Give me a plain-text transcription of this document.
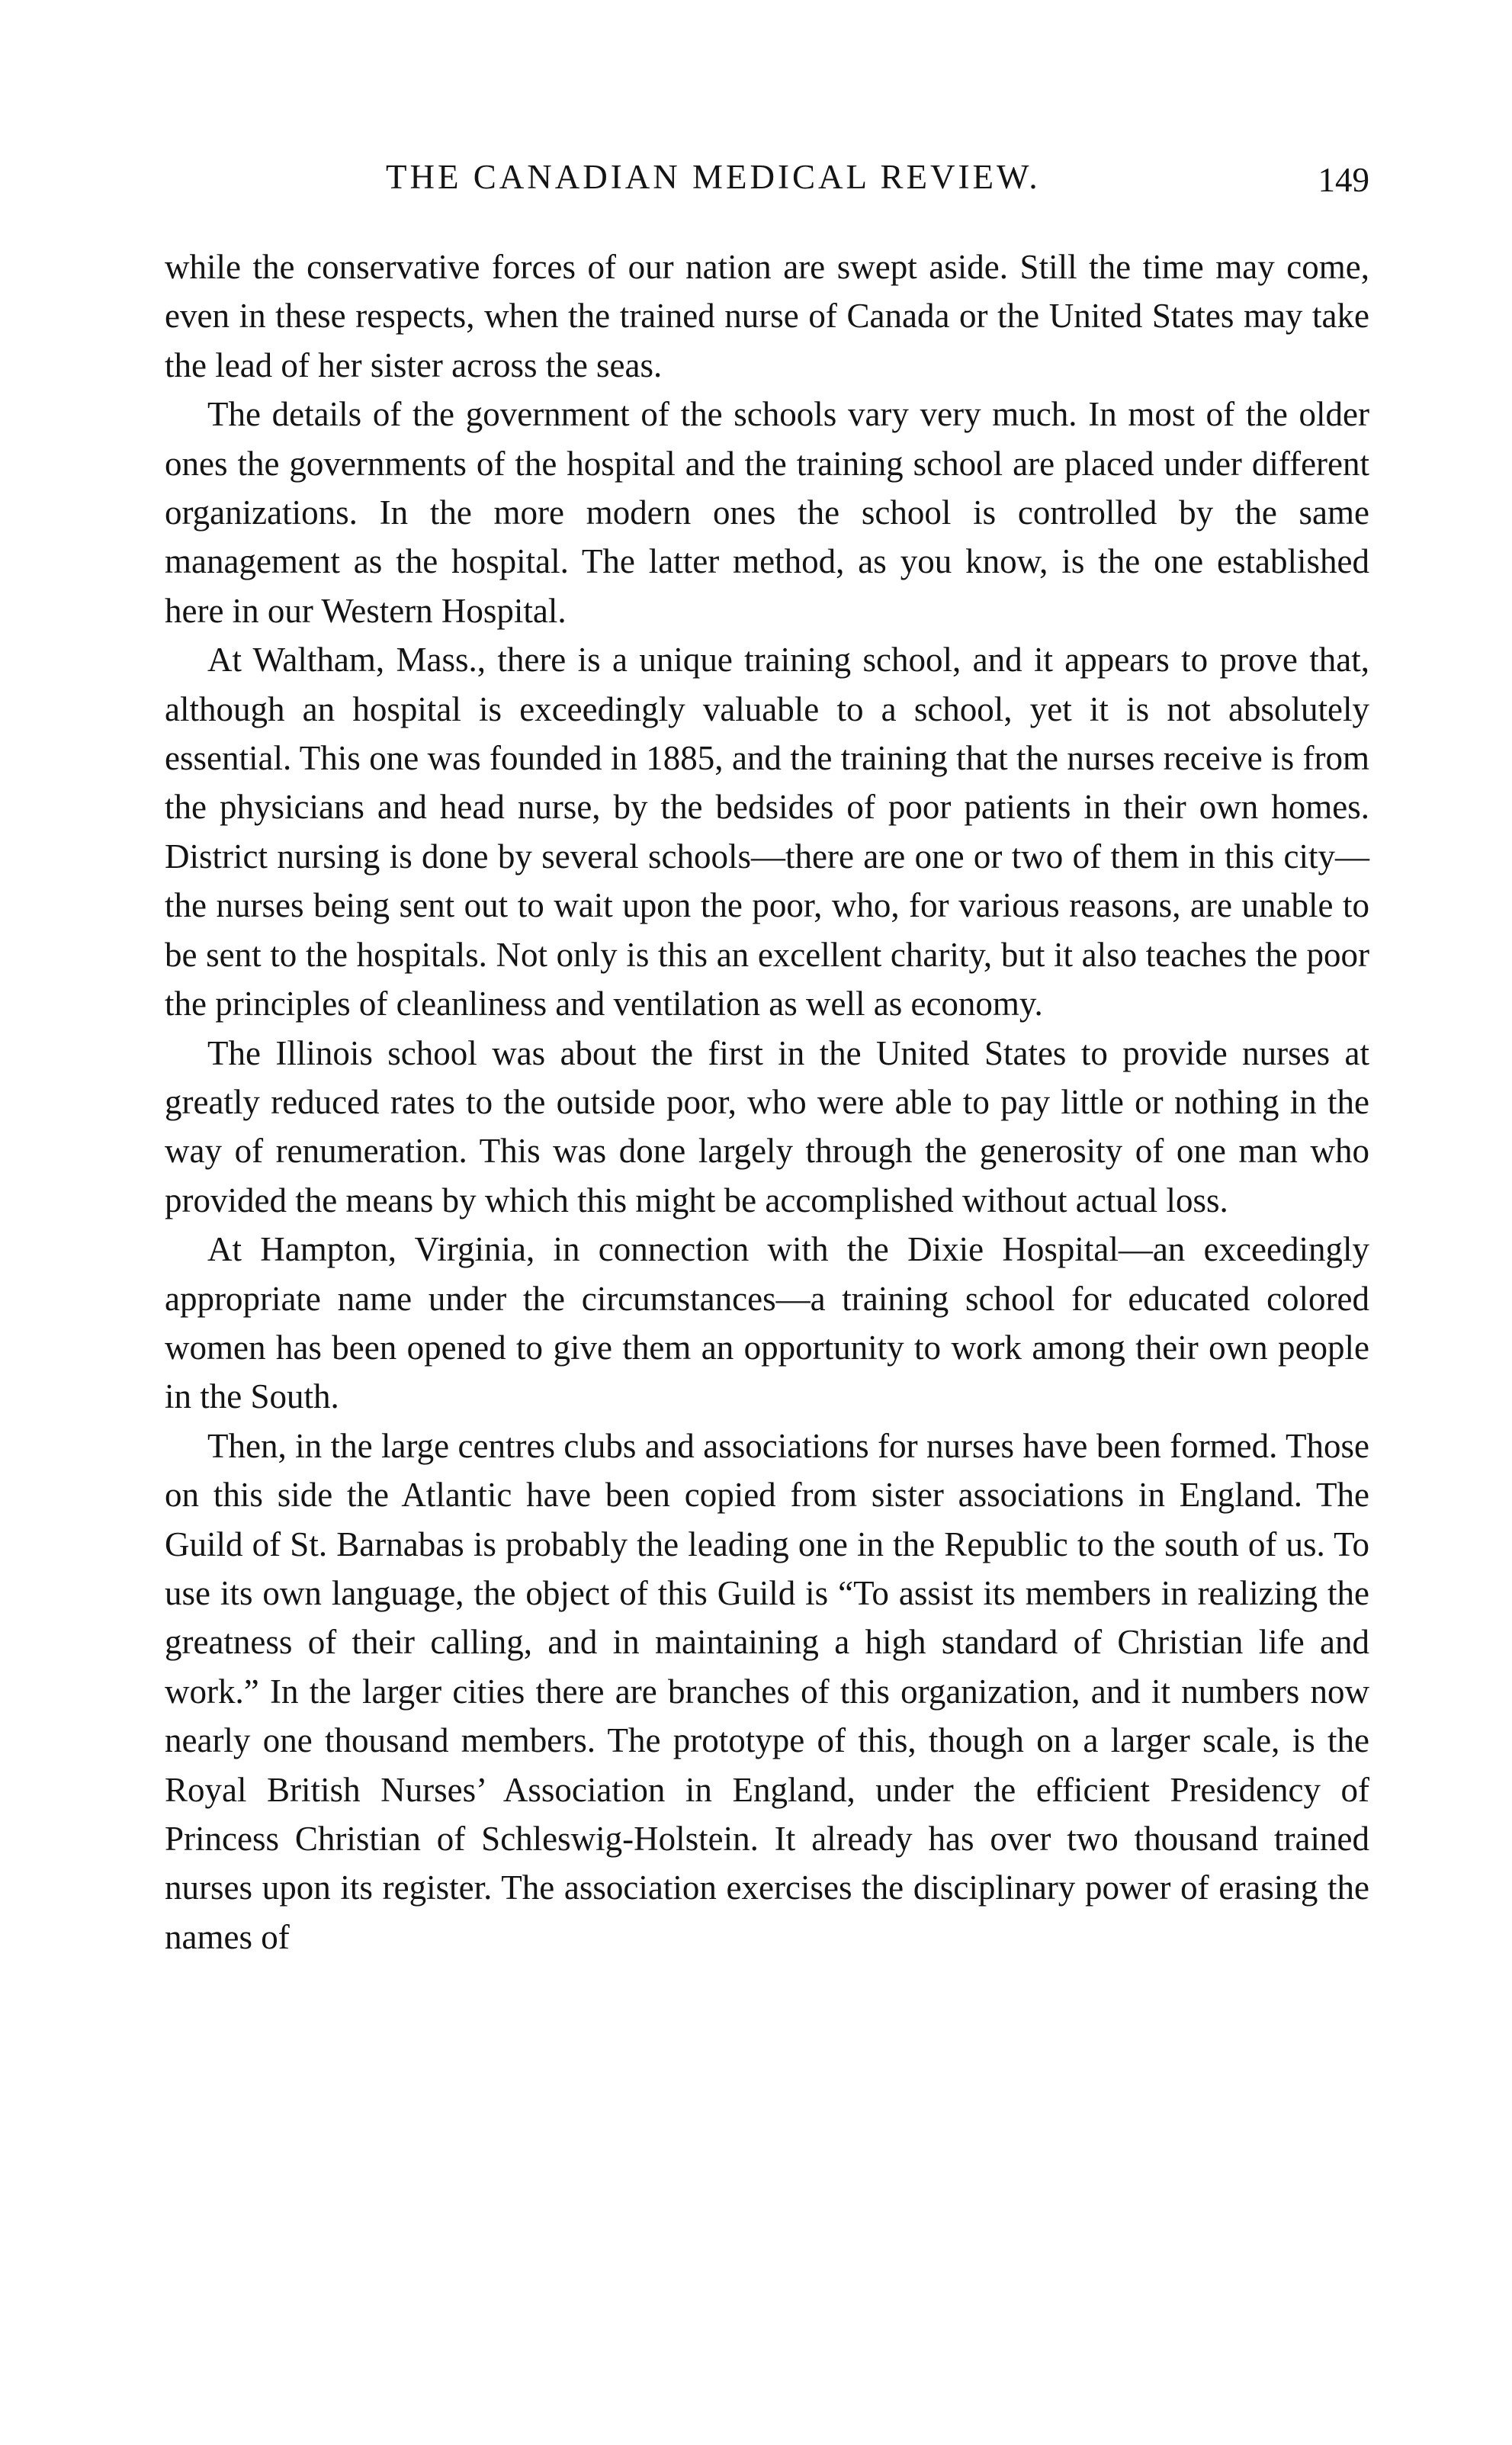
THE CANADIAN MEDICAL REVIEW.	149

while the conservative forces of our nation are swept aside. Still the time may come, even in these respects, when the trained nurse of Canada or the United States may take the lead of her sister across the seas.

The details of the government of the schools vary very much. In most of the older ones the governments of the hospital and the training school are placed under different organizations. In the more modern ones the school is controlled by the same management as the hospital. The latter method, as you know, is the one established here in our Western Hospital.

At Waltham, Mass., there is a unique training school, and it appears to prove that, although an hospital is exceedingly valuable to a school, yet it is not absolutely essential. This one was founded in 1885, and the training that the nurses receive is from the physicians and head nurse, by the bedsides of poor patients in their own homes. District nursing is done by several schools—there are one or two of them in this city—the nurses being sent out to wait upon the poor, who, for various reasons, are unable to be sent to the hospitals. Not only is this an excellent charity, but it also teaches the poor the principles of cleanliness and ventilation as well as economy.

The Illinois school was about the first in the United States to provide nurses at greatly reduced rates to the outside poor, who were able to pay little or nothing in the way of renumeration. This was done largely through the generosity of one man who provided the means by which this might be accomplished without actual loss.

At Hampton, Virginia, in connection with the Dixie Hospital—an exceedingly appropriate name under the circumstances—a training school for educated colored women has been opened to give them an opportunity to work among their own people in the South.

Then, in the large centres clubs and associations for nurses have been formed. Those on this side the Atlantic have been copied from sister associations in England. The Guild of St. Barnabas is probably the leading one in the Republic to the south of us. To use its own language, the object of this Guild is “To assist its members in realizing the greatness of their calling, and in maintaining a high standard of Christian life and work.” In the larger cities there are branches of this organization, and it numbers now nearly one thousand members. The prototype of this, though on a larger scale, is the Royal British Nurses’ Association in England, under the efficient Presidency of Princess Christian of Schleswig-Holstein. It already has over two thousand trained nurses upon its register. The association exercises the disciplinary power of erasing the names of
